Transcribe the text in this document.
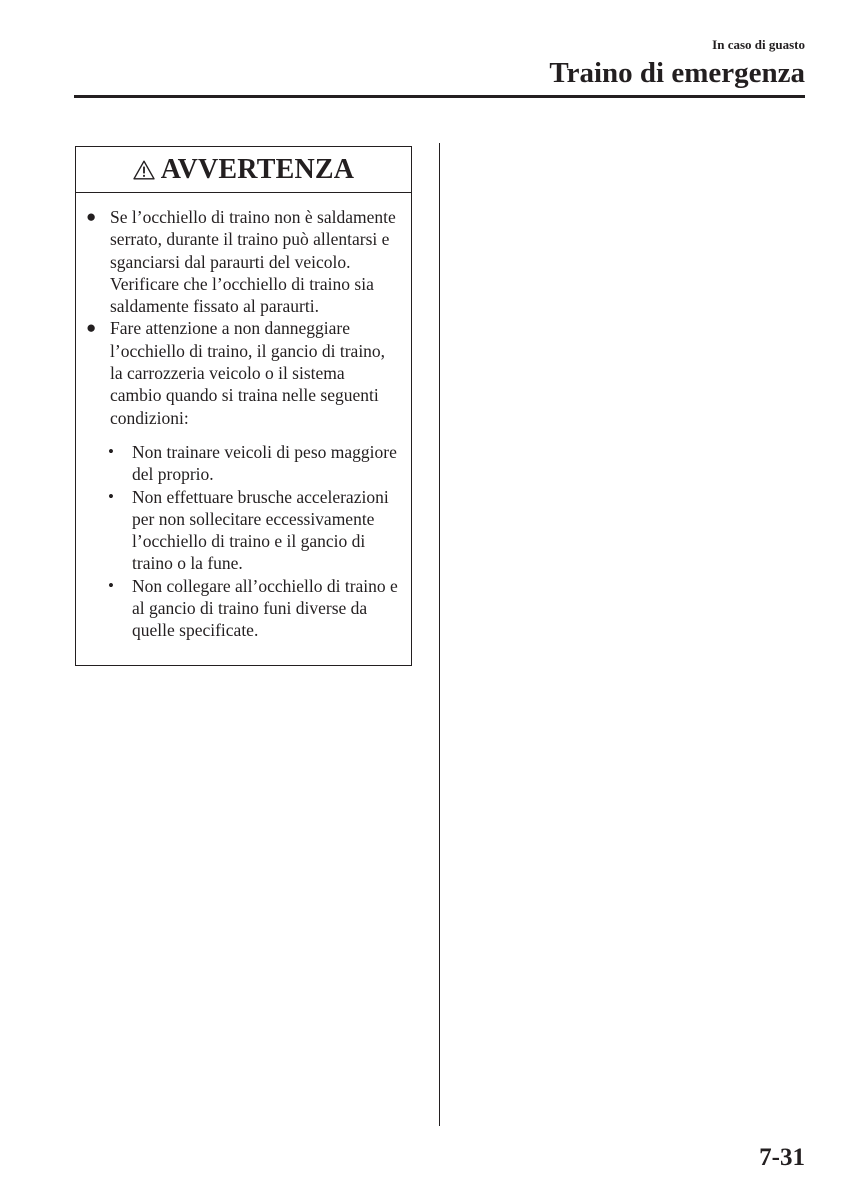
In caso di guasto
Traino di emergenza
AVVERTENZA
● Se l’occhiello di traino non è saldamente serrato, durante il traino può allentarsi e sganciarsi dal paraurti del veicolo. Verificare che l’occhiello di traino sia saldamente fissato al paraurti.
● Fare attenzione a non danneggiare l’occhiello di traino, il gancio di traino, la carrozzeria veicolo o il sistema cambio quando si traina nelle seguenti condizioni:
•	Non trainare veicoli di peso maggiore del proprio.
•	Non effettuare brusche accelerazioni per non sollecitare eccessivamente l’occhiello di traino e il gancio di traino o la fune.
•	Non collegare all’occhiello di traino e al gancio di traino funi diverse da quelle specificate.
7-31
